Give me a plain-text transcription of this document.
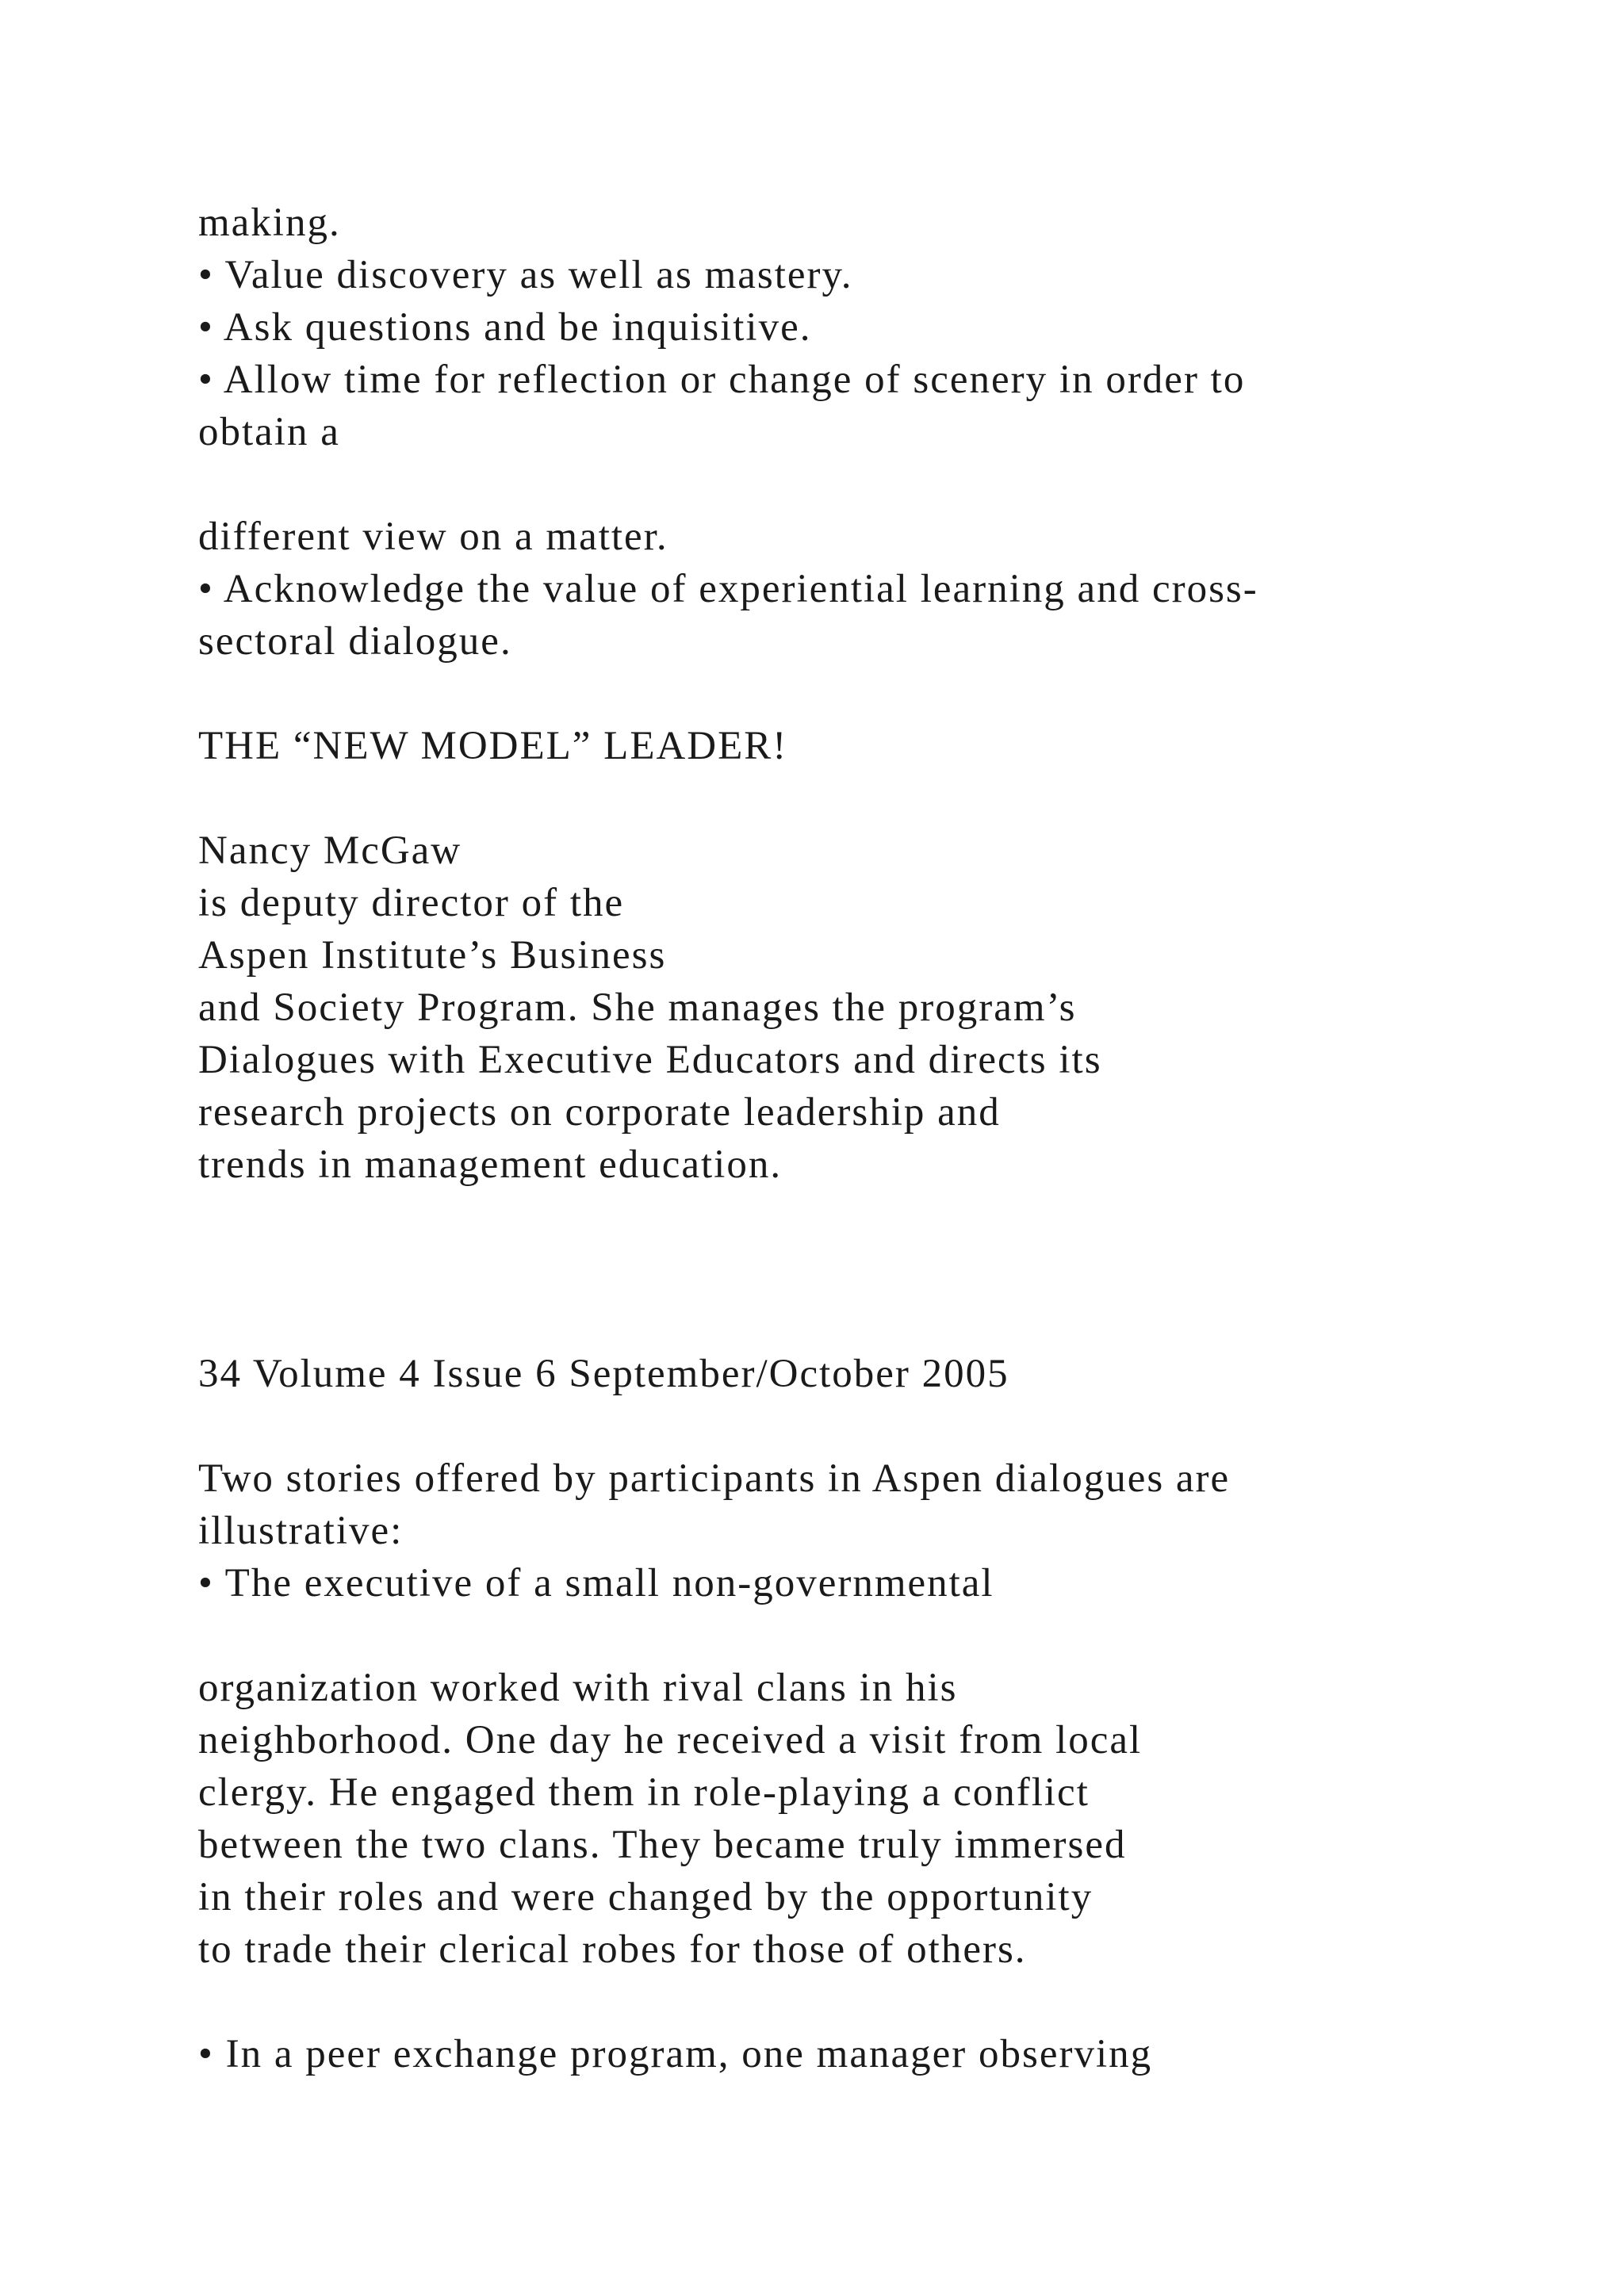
making.
• Value discovery as well as mastery.
• Ask questions and be inquisitive.
• Allow time for reflection or change of scenery in order to
obtain a
different view on a matter.
• Acknowledge the value of experiential learning and cross-
sectoral dialogue.
THE “NEW MODEL” LEADER!
Nancy McGaw
is deputy director of the
Aspen Institute’s Business
and Society Program. She manages the program’s
Dialogues with Executive Educators and directs its
research projects on corporate leadership and
trends in management education.
34 Volume 4 Issue 6 September/October 2005
Two stories offered by participants in Aspen dialogues are
illustrative:
• The executive of a small non-governmental
organization worked with rival clans in his
neighborhood. One day he received a visit from local
clergy. He engaged them in role-playing a conflict
between the two clans. They became truly immersed
in their roles and were changed by the opportunity
to trade their clerical robes for those of others.
• In a peer exchange program, one manager observing
